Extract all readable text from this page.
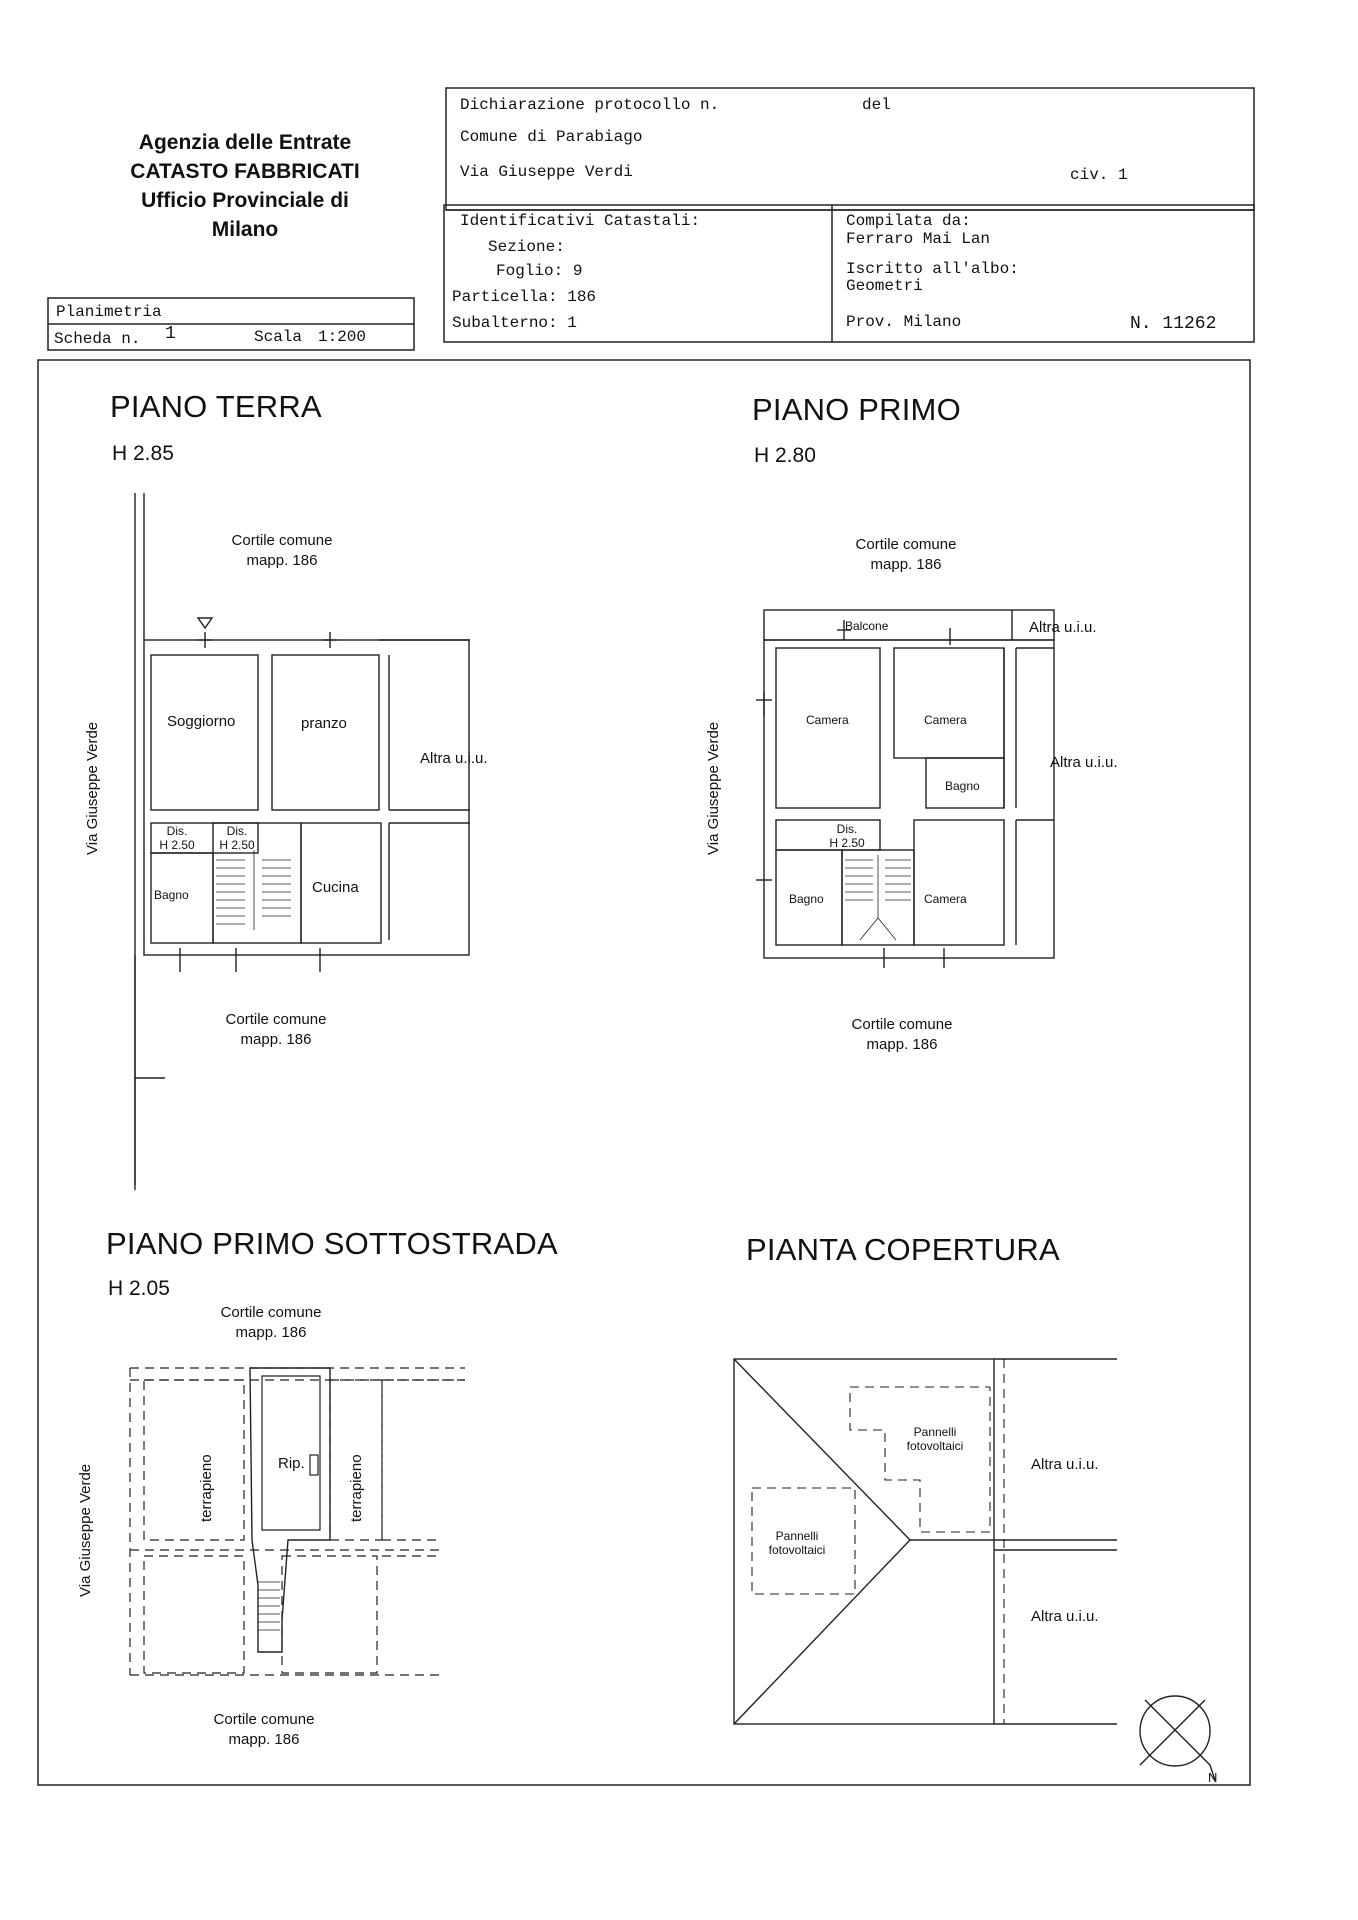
Agenzia delle Entrate
CATASTO FABBRICATI
Ufficio Provinciale di
Milano
Planimetria
Scheda n. 1	Scala 1:200
Dichiarazione protocollo n.	del
Comune di Parabiago
Via Giuseppe Verdi	civ. 1
Identificativi Catastali:
Sezione:
Foglio: 9
Particella: 186
Subalterno: 1
Compilata da:
Ferraro Mai Lan
Iscritto all'albo:
Geometri
Prov. Milano	N. 11262
PIANO TERRA
H 2.85
Cortile comune
mapp. 186
Via Giuseppe Verde
Soggiorno	pranzo
Altra u.i.u.
Dis.
H 2.50
Dis.
H 2.50
Bagno	Cucina
Cortile comune
mapp. 186
PIANO PRIMO
H 2.80
Cortile comune
mapp. 186
Balcone	Altra u.i.u.
Via Giuseppe Verde
Camera	Camera
Bagno
Altra u.i.u.
Dis.
H 2.50
Bagno	Camera
Cortile comune
mapp. 186
PIANO PRIMO SOTTOSTRADA
H 2.05
Cortile comune
mapp. 186
Via Giuseppe Verde	terrapieno	terrapieno
Rip.
Cortile comune
mapp. 186
PIANTA COPERTURA
Pannelli
fotovoltaici
Pannelli
fotovoltaici
Altra u.i.u.
Altra u.i.u.
N
